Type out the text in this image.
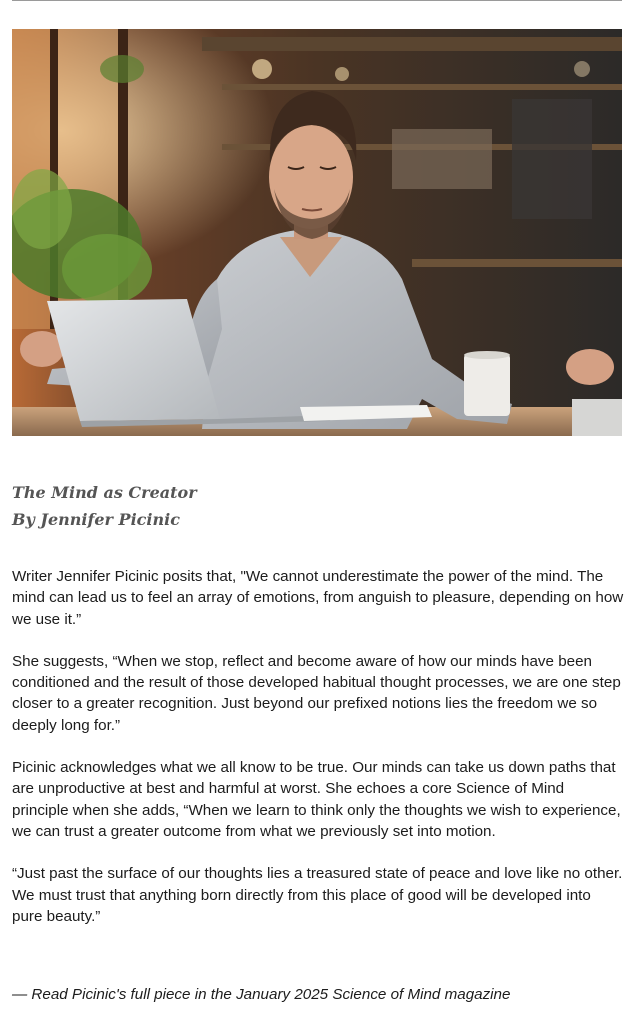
The Mind as Creator
By Jennifer Picinic

Writer Jennifer Picinic posits that, "We cannot underestimate the power of the mind. The mind can lead us to feel an array of emotions, from anguish to pleasure, depending on how we use it.”

She suggests, “When we stop, reflect and become aware of how our minds have been conditioned and the result of those developed habitual thought processes, we are one step closer to a greater recognition. Just beyond our prefixed notions lies the freedom we so deeply long for.”

Picinic acknowledges what we all know to be true. Our minds can take us down paths that are unproductive at best and harmful at worst. She echoes a core Science of Mind principle when she adds, “When we learn to think only the thoughts we wish to experience, we can trust a greater outcome from what we previously set into motion.

“Just past the surface of our thoughts lies a treasured state of peace and love like no other. We must trust that anything born directly from this place of good will be developed into pure beauty.”

— Read Picinic's full piece in the January 2025 Science of Mind magazine
